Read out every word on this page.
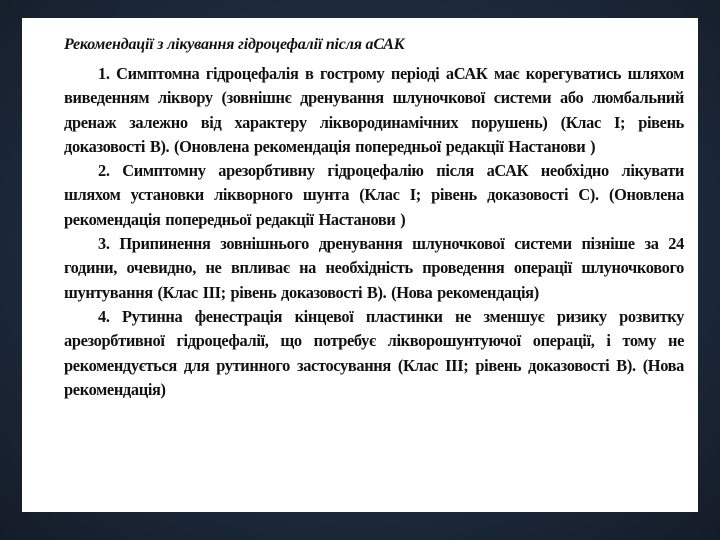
Рекомендації з лікування гідроцефалії після аСАК

1. Симптомна гідроцефалія в гострому періоді аСАК має корегуватись шляхом виведенням ліквору (зовнішнє дренування шлуночкової системи або люмбальний дренаж залежно від характеру ліквородинамічних порушень) (Клас І; рівень доказовості В). (Оновлена рекомендація попередньої редакції Настанови )

2. Симптомну арезорбтивну гідроцефалію після аСАК необхідно лікувати шляхом установки лікворного шунта (Клас І; рівень доказовості С). (Оновлена рекомендація попередньої редакції Настанови )

3. Припинення зовнішнього дренування шлуночкової системи пізніше за 24 години, очевидно, не впливає на необхідність проведення операції шлуночкового шунтування (Клас ІІІ; рівень доказовості В). (Нова рекомендація)

4. Рутинна фенестрація кінцевої пластинки не зменшує ризику розвитку арезорбтивної гідроцефалії, що потребує лікворошунтуючої операції, і тому не рекомендується для рутинного застосування (Клас ІІІ; рівень доказовості В). (Нова рекомендація)
